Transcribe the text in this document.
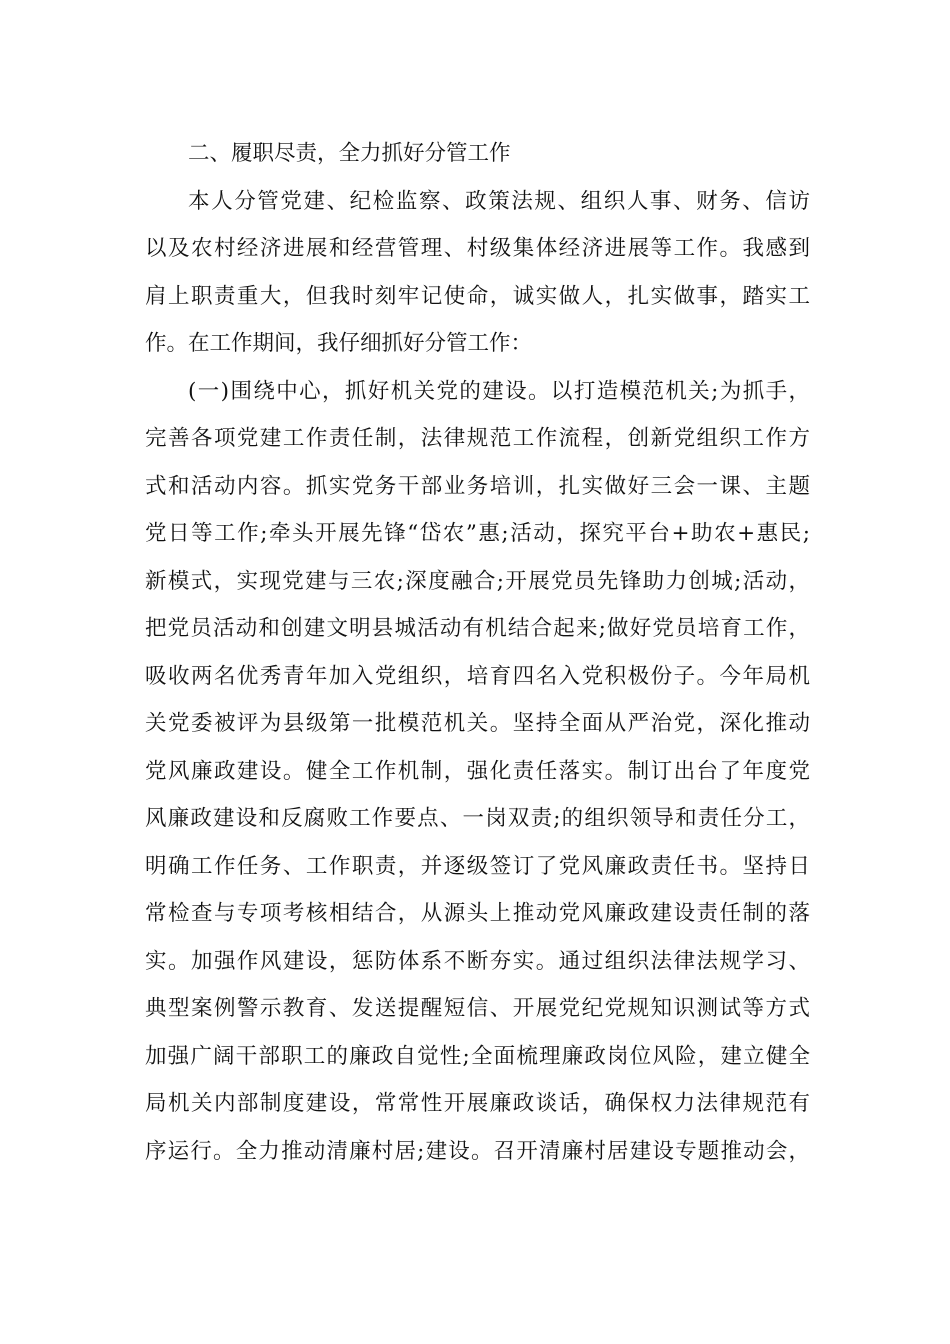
二、履职尽责，全力抓好分管工作
本人分管党建、纪检监察、政策法规、组织人事、财务、信访
以及农村经济进展和经营管理、村级集体经济进展等工作。我感到
肩上职责重大，但我时刻牢记使命，诚实做人，扎实做事，踏实工
作。在工作期间，我仔细抓好分管工作：
(一)围绕中心，抓好机关党的建设。以打造模范机关;为抓手，
完善各项党建工作责任制，法律规范工作流程，创新党组织工作方
式和活动内容。抓实党务干部业务培训，扎实做好三会一课、主题
党日等工作;牵头开展先锋“岱农”惠;活动，探究平台+助农+惠民;
新模式，实现党建与三农;深度融合;开展党员先锋助力创城;活动，
把党员活动和创建文明县城活动有机结合起来;做好党员培育工作，
吸收两名优秀青年加入党组织，培育四名入党积极份子。今年局机
关党委被评为县级第一批模范机关。坚持全面从严治党，深化推动
党风廉政建设。健全工作机制，强化责任落实。制订出台了年度党
风廉政建设和反腐败工作要点、一岗双责;的组织领导和责任分工，
明确工作任务、工作职责，并逐级签订了党风廉政责任书。坚持日
常检查与专项考核相结合，从源头上推动党风廉政建设责任制的落
实。加强作风建设，惩防体系不断夯实。通过组织法律法规学习、
典型案例警示教育、发送提醒短信、开展党纪党规知识测试等方式
加强广阔干部职工的廉政自觉性;全面梳理廉政岗位风险，建立健全
局机关内部制度建设，常常性开展廉政谈话，确保权力法律规范有
序运行。全力推动清廉村居;建设。召开清廉村居建设专题推动会，
